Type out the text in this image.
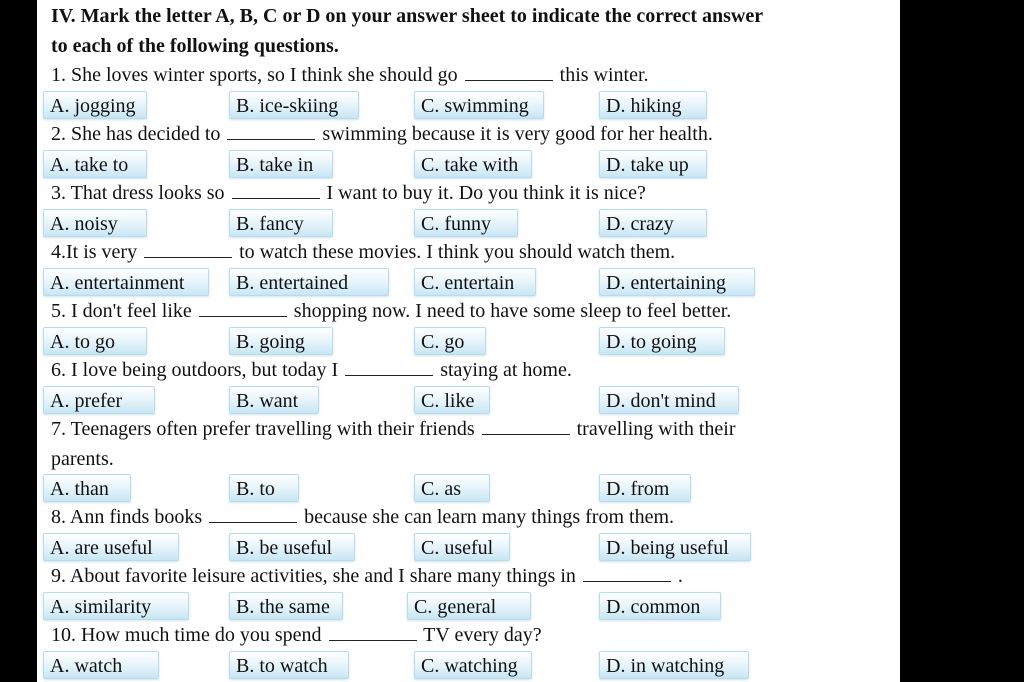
IV. Mark the letter A, B, C or D on your answer sheet to indicate the correct answer
to each of the following questions.
1. She loves winter sports, so I think she should go	this winter.
A. jogging	B. ice-skiing	C. swimming	D. hiking
2. She has decided to	swimming because it is very good for her health.
A. take to	B. take in	C. take with	D. take up
3. That dress looks so	I want to buy it. Do you think it is nice?
A. noisy	B. fancy	C. funny	D. crazy
4.It is very	to watch these movies. I think you should watch them.
A. entertainment	B. entertained	C. entertain	D. entertaining
5. I don't feel like	shopping now. I need to have some sleep to feel better.
A. to go	B. going	C. go	D. to going
6. I love being outdoors, but today I	staying at home.
A. prefer	B. want	C. like	D. don't mind
7. Teenagers often prefer travelling with their friends	travelling with their
parents.
A. than	B. to	C. as	D. from
8. Ann finds books	because she can learn many things from them.
A. are useful	B. be useful	C. useful	D. being useful
9. About favorite leisure activities, she and I share many things in	.
A. similarity	B. the same	C. general	D. common
10. How much time do you spend	TV every day?
A. watch	B. to watch	C. watching	D. in watching
